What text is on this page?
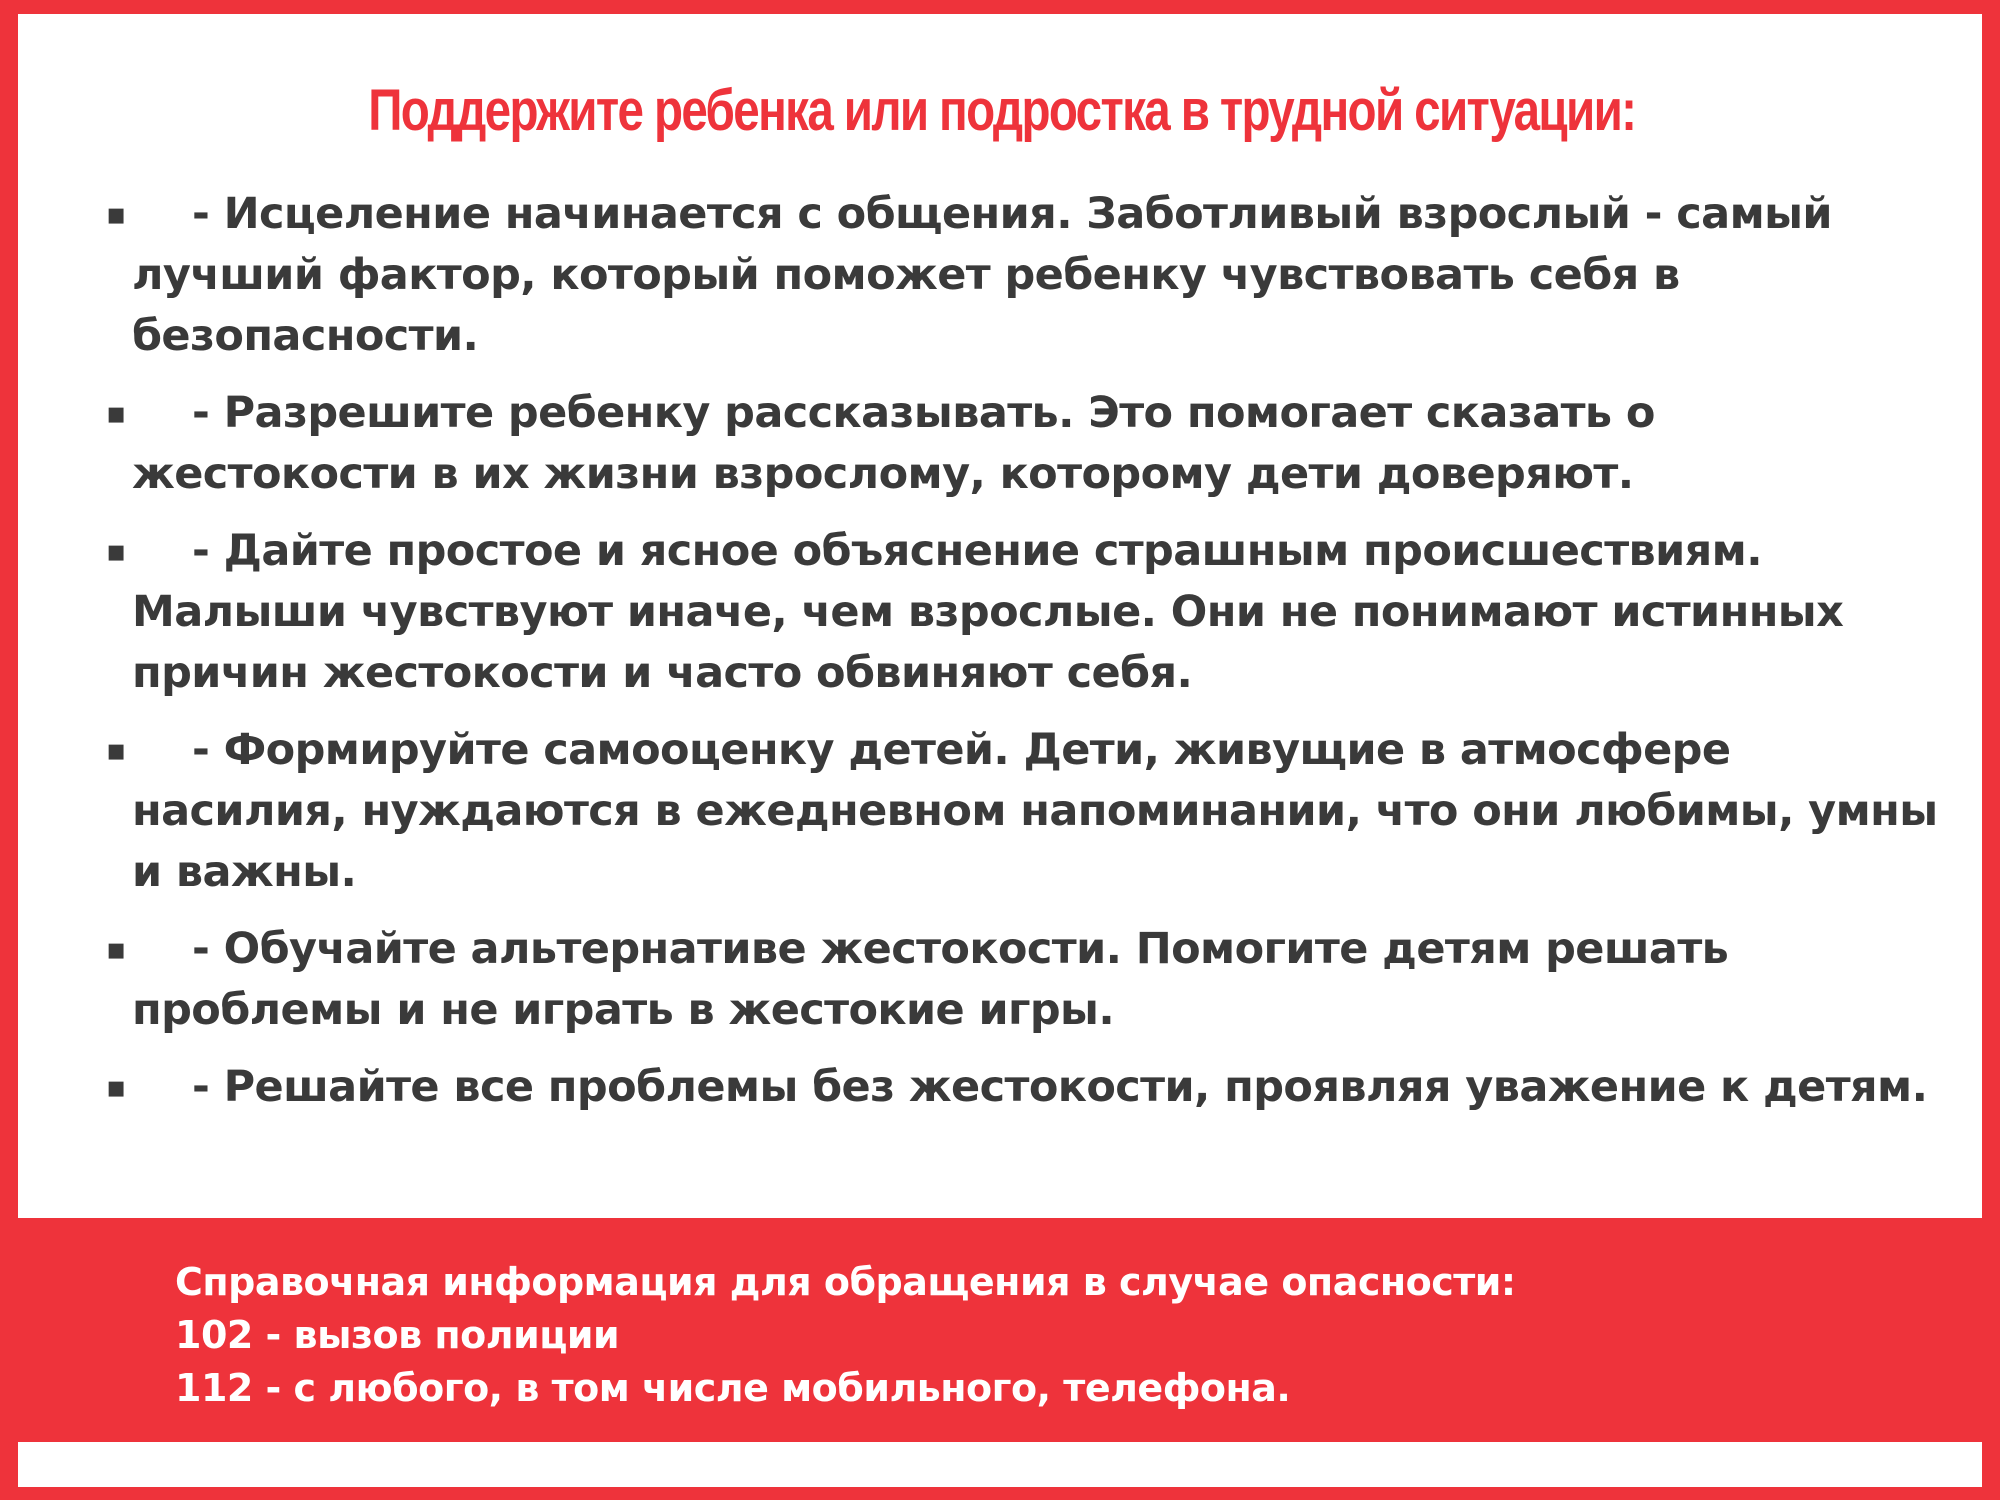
Поддержите ребенка или подростка в трудной ситуации:
▪	- Исцеление начинается с общения. Заботливый взрослый - самый лучший фактор, который поможет ребенку чувствовать себя в безопасности.
▪	- Разрешите ребенку рассказывать. Это помогает сказать о жестокости в их жизни взрослому, которому дети доверяют.
▪	- Дайте простое и ясное объяснение страшным происшествиям. Малыши чувствуют иначе, чем взрослые. Они не понимают истинных причин жестокости и часто обвиняют себя.
▪	- Формируйте самооценку детей. Дети, живущие в атмосфере насилия, нуждаются в ежедневном напоминании, что они любимы, умны и важны.
▪	- Обучайте альтернативе жестокости. Помогите детям решать проблемы и не играть в жестокие игры.
▪	- Решайте все проблемы без жестокости, проявляя уважение к детям.
Справочная информация для обращения в случае опасности:
102 - вызов полиции
112 - с любого, в том числе мобильного, телефона.
